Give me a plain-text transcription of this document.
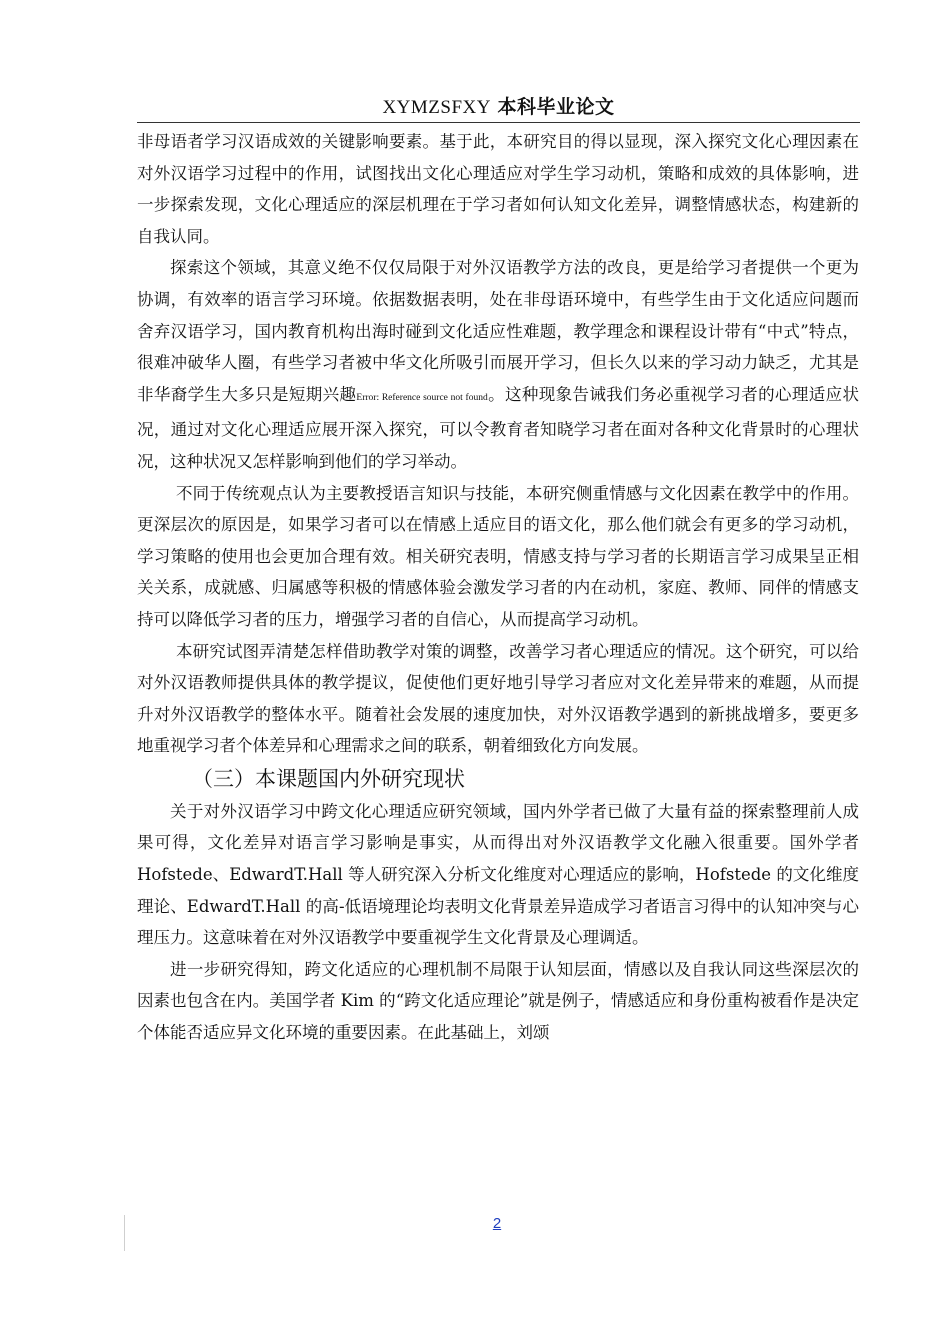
XYMZSFXY 本科毕业论文

非母语者学习汉语成效的关键影响要素。基于此，本研究目的得以显现，深入探究文化心理因素在对外汉语学习过程中的作用，试图找出文化心理适应对学生学习动机，策略和成效的具体影响，进一步探索发现，文化心理适应的深层机理在于学习者如何认知文化差异，调整情感状态，构建新的自我认同。

探索这个领域，其意义绝不仅仅局限于对外汉语教学方法的改良，更是给学习者提供一个更为协调，有效率的语言学习环境。依据数据表明，处在非母语环境中，有些学生由于文化适应问题而舍弃汉语学习，国内教育机构出海时碰到文化适应性难题，教学理念和课程设计带有“中式”特点，很难冲破华人圈，有些学习者被中华文化所吸引而展开学习，但长久以来的学习动力缺乏，尤其是非华裔学生大多只是短期兴趣Error: Reference source not found。这种现象告诫我们务必重视学习者的心理适应状况，通过对文化心理适应展开深入探究，可以令教育者知晓学习者在面对各种文化背景时的心理状况，这种状况又怎样影响到他们的学习举动。

不同于传统观点认为主要教授语言知识与技能，本研究侧重情感与文化因素在教学中的作用。更深层次的原因是，如果学习者可以在情感上适应目的语文化，那么他们就会有更多的学习动机，学习策略的使用也会更加合理有效。相关研究表明，情感支持与学习者的长期语言学习成果呈正相关关系，成就感、归属感等积极的情感体验会激发学习者的内在动机，家庭、教师、同伴的情感支持可以降低学习者的压力，增强学习者的自信心，从而提高学习动机。

本研究试图弄清楚怎样借助教学对策的调整，改善学习者心理适应的情况。这个研究，可以给对外汉语教师提供具体的教学提议，促使他们更好地引导学习者应对文化差异带来的难题，从而提升对外汉语教学的整体水平。随着社会发展的速度加快，对外汉语教学遇到的新挑战增多，要更多地重视学习者个体差异和心理需求之间的联系，朝着细致化方向发展。

（三）本课题国内外研究现状

关于对外汉语学习中跨文化心理适应研究领域，国内外学者已做了大量有益的探索整理前人成果可得，文化差异对语言学习影响是事实，从而得出对外汉语教学文化融入很重要。国外学者 Hofstede、EdwardT.Hall 等人研究深入分析文化维度对心理适应的影响，Hofstede 的文化维度理论、EdwardT.Hall 的高-低语境理论均表明文化背景差异造成学习者语言习得中的认知冲突与心理压力。这意味着在对外汉语教学中要重视学生文化背景及心理调适。

进一步研究得知，跨文化适应的心理机制不局限于认知层面，情感以及自我认同这些深层次的因素也包含在内。美国学者 Kim 的“跨文化适应理论”就是例子，情感适应和身份重构被看作是决定个体能否适应异文化环境的重要因素。在此基础上，刘颂

2
